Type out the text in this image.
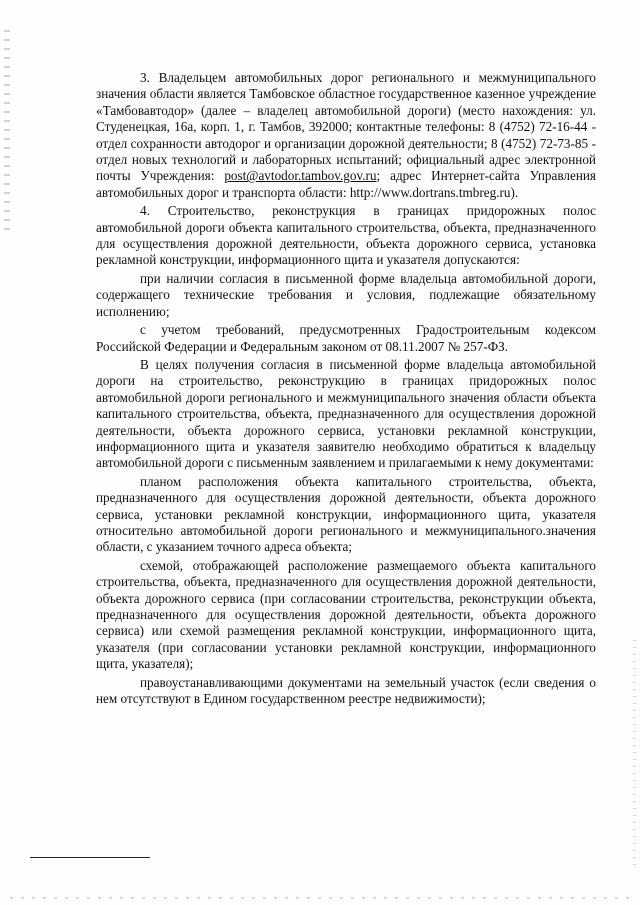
3. Владельцем автомобильных дорог регионального и межмуниципального значения области является Тамбовское областное государственное казенное учреждение «Тамбовавтодор» (далее – владелец автомобильной дороги) (место нахождения: ул. Студенецкая, 16а, корп. 1, г. Тамбов, 392000; контактные телефоны: 8 (4752) 72-16-44 - отдел сохранности автодорог и организации дорожной деятельности; 8 (4752) 72-73-85 - отдел новых технологий и лабораторных испытаний; официальный адрес электронной почты Учреждения: post@avtodor.tambov.gov.ru; адрес Интернет-сайта Управления автомобильных дорог и транспорта области: http://www.dortrans.tmbreg.ru).

4. Строительство, реконструкция в границах придорожных полос автомобильной дороги объекта капитального строительства, объекта, предназначенного для осуществления дорожной деятельности, объекта дорожного сервиса, установка рекламной конструкции, информационного щита и указателя допускаются:

при наличии согласия в письменной форме владельца автомобильной дороги, содержащего технические требования и условия, подлежащие обязательному исполнению;

с учетом требований, предусмотренных Градостроительным кодексом Российской Федерации и Федеральным законом от 08.11.2007 № 257-ФЗ.

В целях получения согласия в письменной форме владельца автомобильной дороги на строительство, реконструкцию в границах придорожных полос автомобильной дороги регионального и межмуниципального значения области объекта капитального строительства, объекта, предназначенного для осуществления дорожной деятельности, объекта дорожного сервиса, установки рекламной конструкции, информационного щита и указателя заявителю необходимо обратиться к владельцу автомобильной дороги с письменным заявлением и прилагаемыми к нему документами:

планом расположения объекта капитального строительства, объекта, предназначенного для осуществления дорожной деятельности, объекта дорожного сервиса, установки рекламной конструкции, информационного щита, указателя относительно автомобильной дороги регионального и межмуниципального.значения области, с указанием точного адреса объекта;

схемой, отображающей расположение размещаемого объекта капитального строительства, объекта, предназначенного для осуществления дорожной деятельности, объекта дорожного сервиса (при согласовании строительства, реконструкции объекта, предназначенного для осуществления дорожной деятельности, объекта дорожного сервиса) или схемой размещения рекламной конструкции, информационного щита, указателя (при согласовании установки рекламной конструкции, информационного щита, указателя);

правоустанавливающими документами на земельный участок (если сведения о нем отсутствуют в Едином государственном реестре недвижимости);
